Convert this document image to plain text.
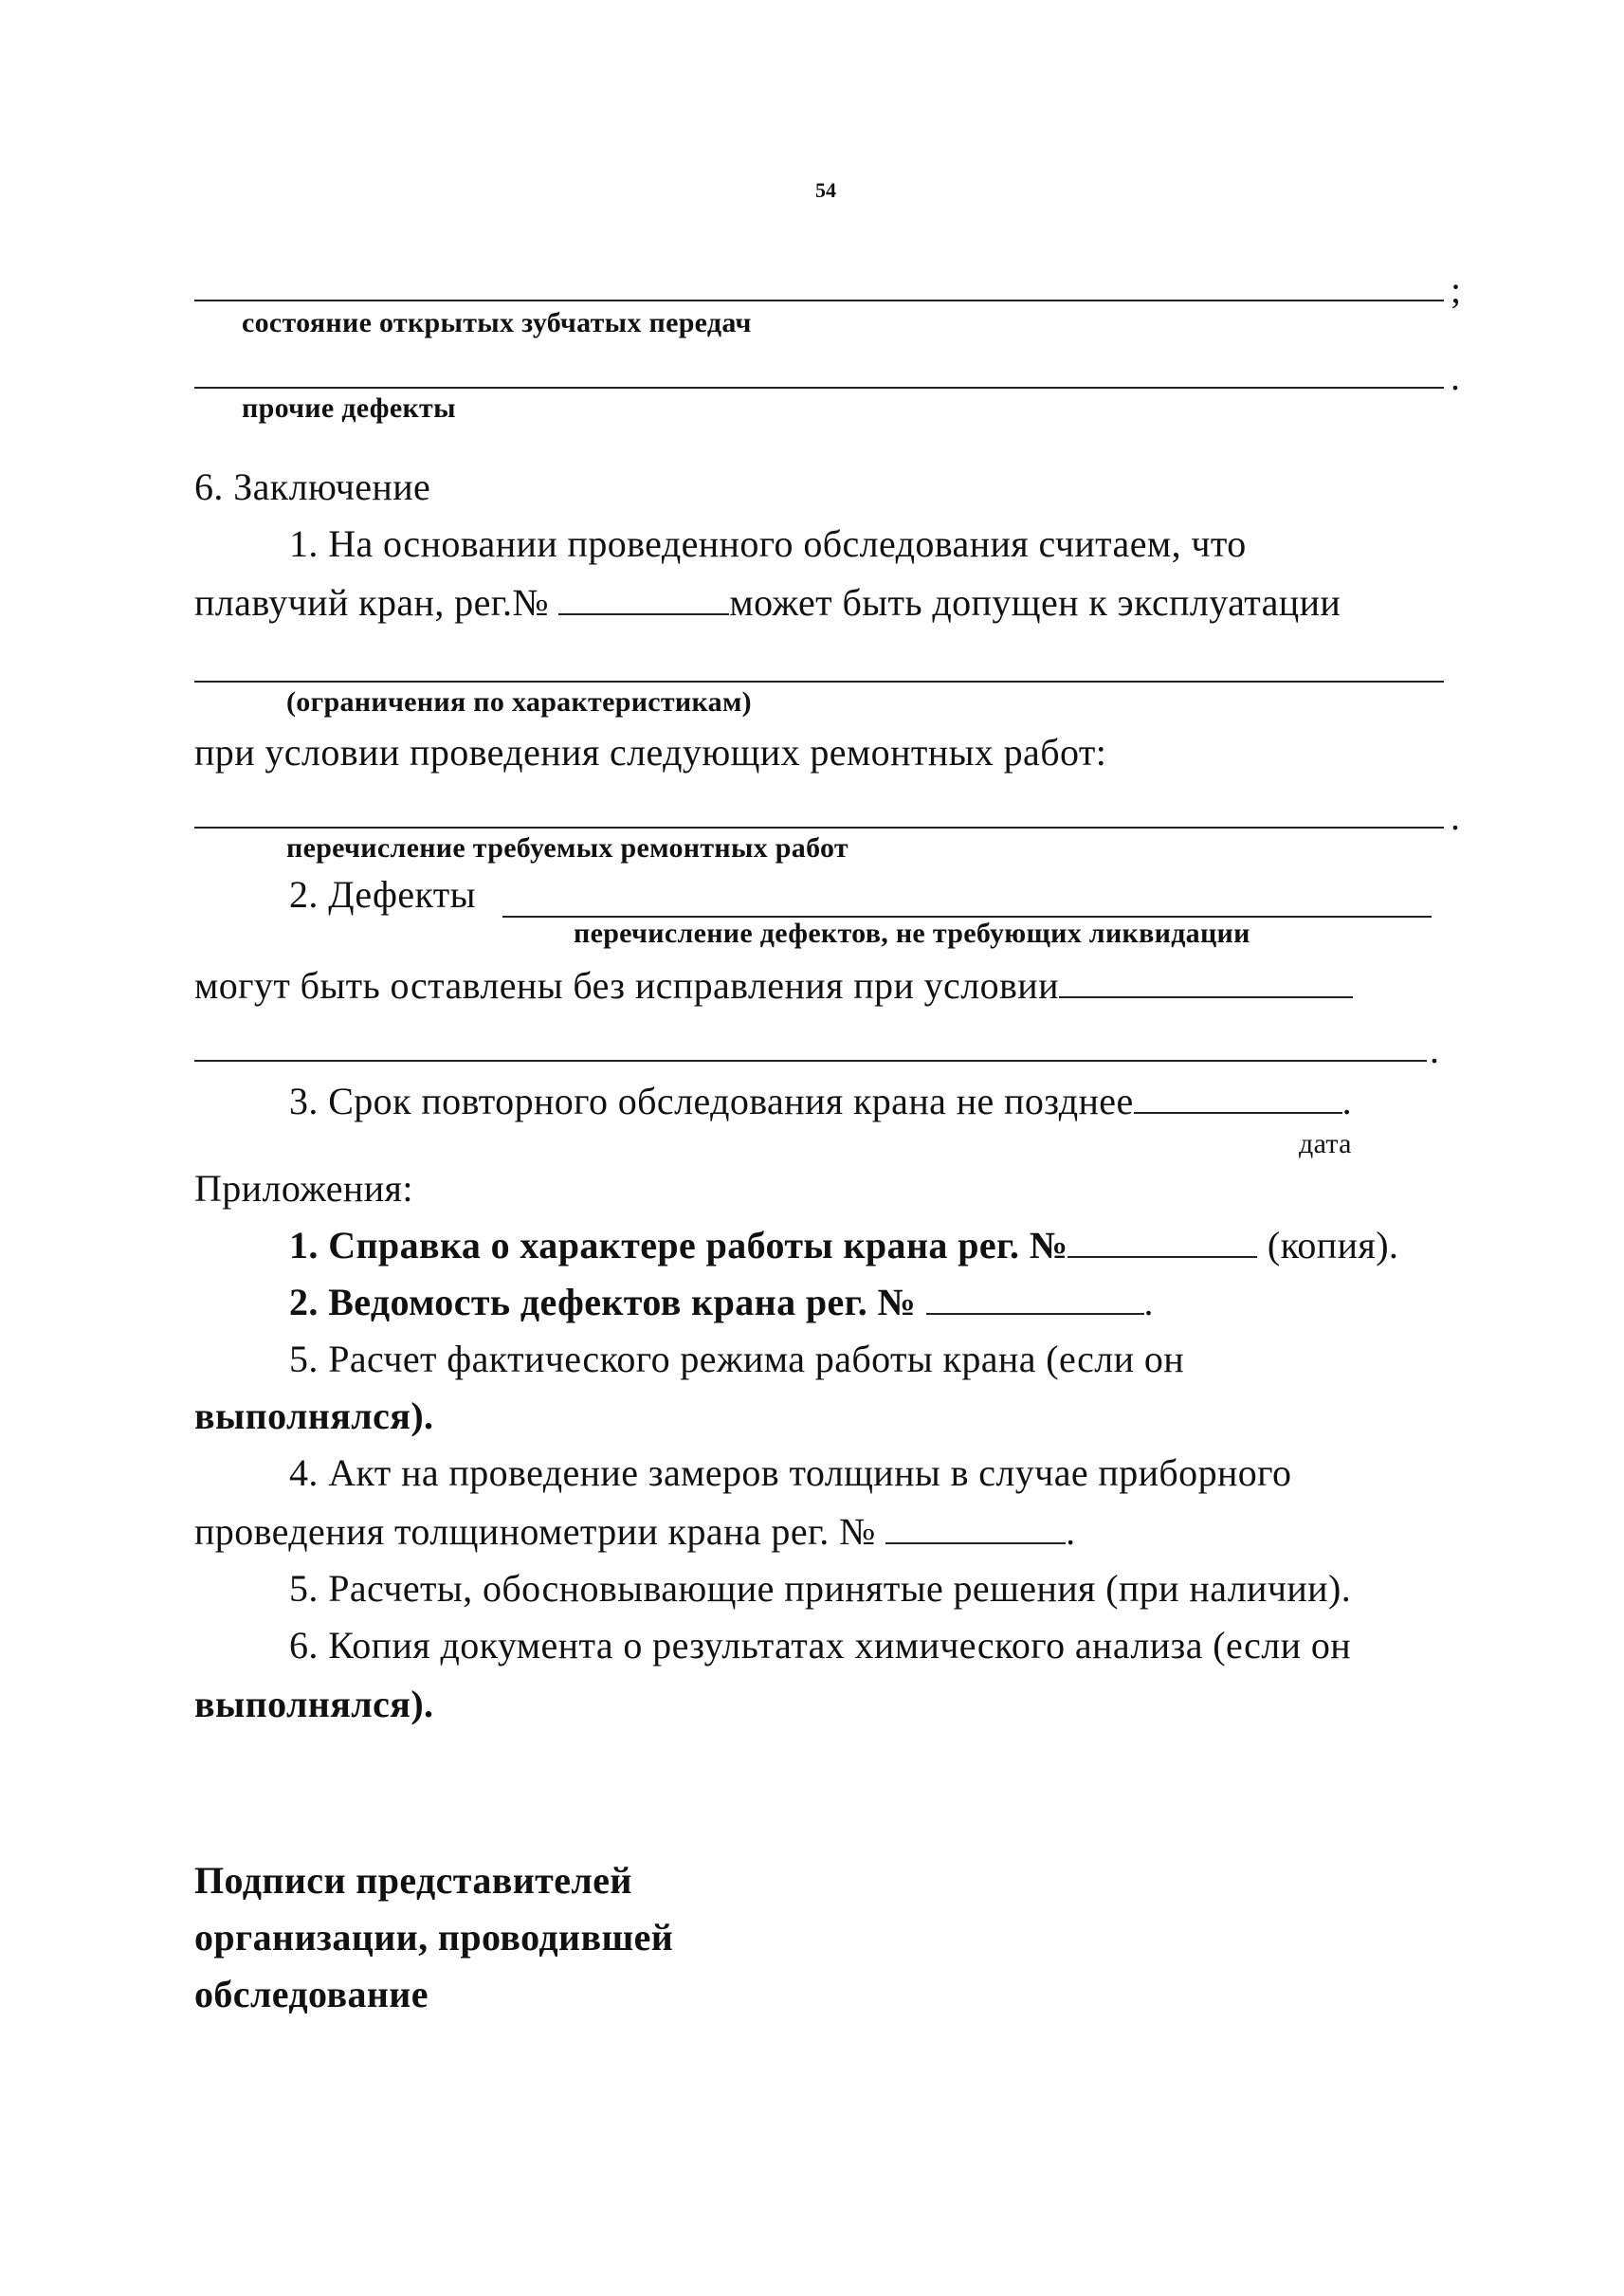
54
;
состояние открытых зубчатых передач
.
прочие дефекты
6. Заключение
1. На основании проведенного обследования считаем, что
плавучий кран, рег.№	может быть допущен к эксплуатации
(ограничения по характеристикам)
при условии проведения следующих ремонтных работ:
.
перечисление требуемых ремонтных работ
2. Дефекты
перечисление дефектов, не требующих ликвидации
могут быть оставлены без исправления при условии
.
3. Срок повторного обследования крана не позднее	.
дата
Приложения:
1. Справка о характере работы крана рег. №	(копия).
2. Ведомость дефектов крана рег. №	.
5. Расчет фактического режима работы крана (если он
выполнялся).
4. Акт на проведение замеров толщины в случае приборного
проведения толщинометрии крана рег. №	.
5. Расчеты, обосновывающие принятые решения (при наличии).
6. Копия документа о результатах химического анализа (если он
выполнялся).
Подписи представителей
организации, проводившей
обследование
